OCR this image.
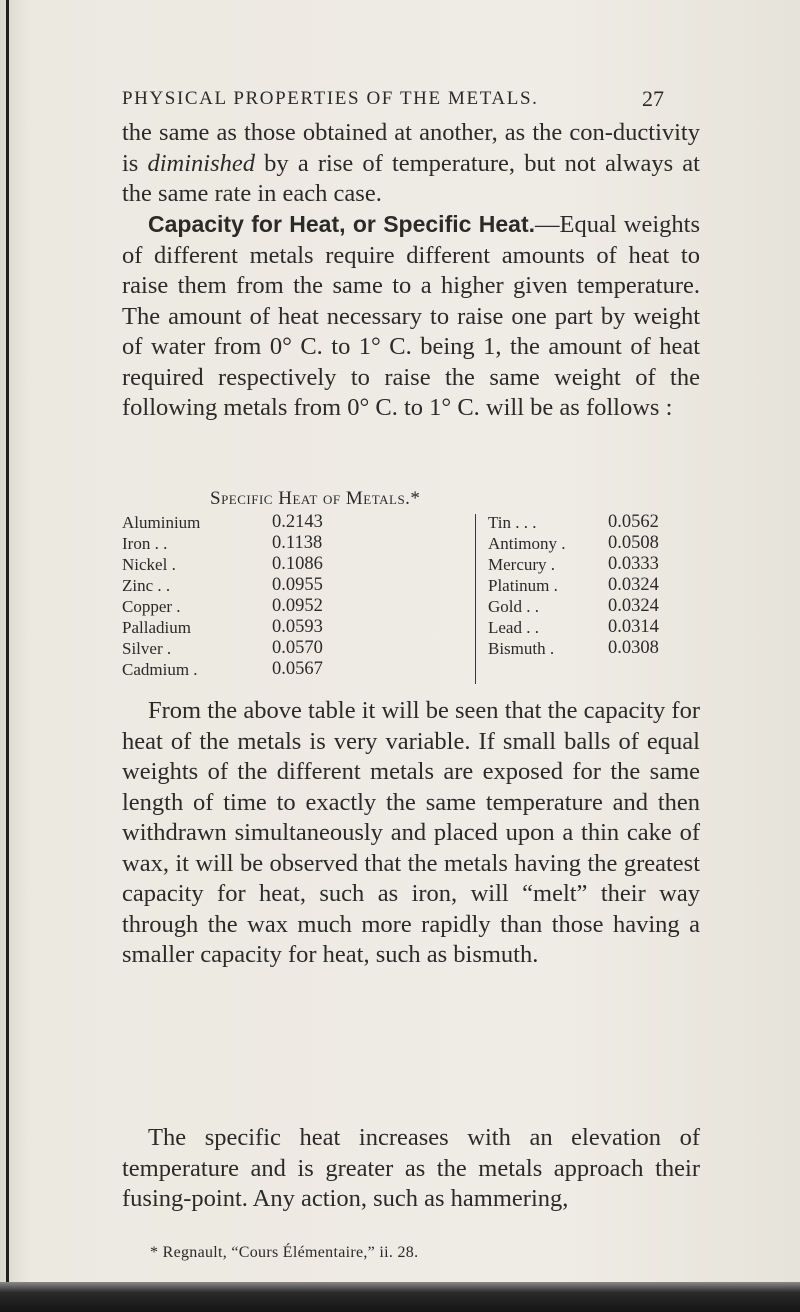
PHYSICAL PROPERTIES OF THE METALS.	27

the same as those obtained at another, as the con-ductivity is diminished by a rise of temperature, but not always at the same rate in each case.

Capacity for Heat, or Specific Heat.—Equal weights of different metals require different amounts of heat to raise them from the same to a higher given temperature. The amount of heat necessary to raise one part by weight of water from 0° C. to 1° C. being 1, the amount of heat required respectively to raise the same weight of the following metals from 0° C. to 1° C. will be as follows :

Specific Heat of Metals.*
Aluminium	0.2143
Iron . .	0.1138
Nickel .	0.1086
Zinc . .	0.0955
Copper .	0.0952
Palladium	0.0593
Silver .	0.0570
Cadmium .	0.0567
Tin . . .	0.0562
Antimony .	0.0508
Mercury .	0.0333
Platinum .	0.0324
Gold . .	0.0324
Lead . .	0.0314
Bismuth .	0.0308

From the above table it will be seen that the capacity for heat of the metals is very variable. If small balls of equal weights of the different metals are exposed for the same length of time to exactly the same temperature and then withdrawn simultaneously and placed upon a thin cake of wax, it will be observed that the metals having the greatest capacity for heat, such as iron, will “melt” their way through the wax much more rapidly than those having a smaller capacity for heat, such as bismuth.

The specific heat increases with an elevation of temperature and is greater as the metals approach their fusing-point. Any action, such as hammering,

* Regnault, “Cours Élémentaire,” ii. 28.
